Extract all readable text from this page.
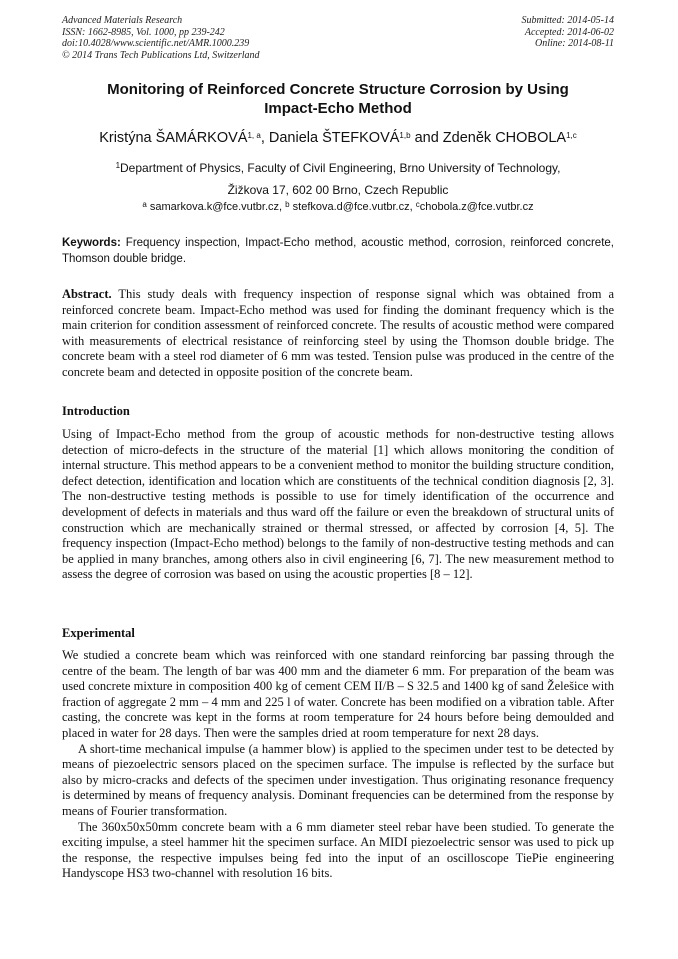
Advanced Materials Research
ISSN: 1662-8985, Vol. 1000, pp 239-242
doi:10.4028/www.scientific.net/AMR.1000.239
© 2014 Trans Tech Publications Ltd, Switzerland
Submitted: 2014-05-14
Accepted: 2014-06-02
Online: 2014-08-11
Monitoring of Reinforced Concrete Structure Corrosion by Using
Impact-Echo Method
Kristýna ŠAMÁRKOVÁ$^{1, a}$, Daniela ŠTEFKOVÁ$^{1,b}$ and Zdeněk CHOBOLA$^{1,c}$
$^1$Department of Physics, Faculty of Civil Engineering, Brno University of Technology,
Žižkova 17, 602 00 Brno, Czech Republic
$^a$ samarkova.k@fce.vutbr.cz, $^b$ stefkova.d@fce.vutbr.cz, $^c$chobola.z@fce.vutbr.cz
Keywords: Frequency inspection, Impact-Echo method, acoustic method, corrosion, reinforced concrete, Thomson double bridge.
Abstract. This study deals with frequency inspection of response signal which was obtained from a reinforced concrete beam. Impact-Echo method was used for finding the dominant frequency which is the main criterion for condition assessment of reinforced concrete. The results of acoustic method were compared with measurements of electrical resistance of reinforcing steel by using the Thomson double bridge. The concrete beam with a steel rod diameter of 6 mm was tested. Tension pulse was produced in the centre of the concrete beam and detected in opposite position of the concrete beam.
Introduction
Using of Impact-Echo method from the group of acoustic methods for non-destructive testing allows detection of micro-defects in the structure of the material [1] which allows monitoring the condition of internal structure. This method appears to be a convenient method to monitor the building structure condition, defect detection, identification and location which are constituents of the technical condition diagnosis [2, 3]. The non-destructive testing methods is possible to use for timely identification of the occurrence and development of defects in materials and thus ward off the failure or even the breakdown of structural units of construction which are mechanically strained or thermal stressed, or affected by corrosion [4, 5]. The frequency inspection (Impact-Echo method) belongs to the family of non-destructive testing methods and can be applied in many branches, among others also in civil engineering [6, 7]. The new measurement method to assess the degree of corrosion was based on using the acoustic properties [8 – 12].
Experimental

We studied a concrete beam which was reinforced with one standard reinforcing bar passing through the centre of the beam. The length of bar was 400 mm and the diameter 6 mm. For preparation of the beam was used concrete mixture in composition 400 kg of cement CEM II/B – S 32.5 and 1400 kg of sand Želešice with fraction of aggregate 2 mm – 4 mm and 225 l of water. Concrete has been modified on a vibration table. After casting, the concrete was kept in the forms at room temperature for 24 hours before being demoulded and placed in water for 28 days. Then were the samples dried at room temperature for next 28 days.

A short-time mechanical impulse (a hammer blow) is applied to the specimen under test to be detected by means of piezoelectric sensors placed on the specimen surface. The impulse is reflected by the surface but also by micro-cracks and defects of the specimen under investigation. Thus originating resonance frequency is determined by means of frequency analysis. Dominant frequencies can be determined from the response by means of Fourier transformation.

The 360x50x50mm concrete beam with a 6 mm diameter steel rebar have been studied. To generate the exciting impulse, a steel hammer hit the specimen surface. An MIDI piezoelectric sensor was used to pick up the response, the respective impulses being fed into the input of an oscilloscope TiePie engineering Handyscope HS3 two-channel with resolution 16 bits.
